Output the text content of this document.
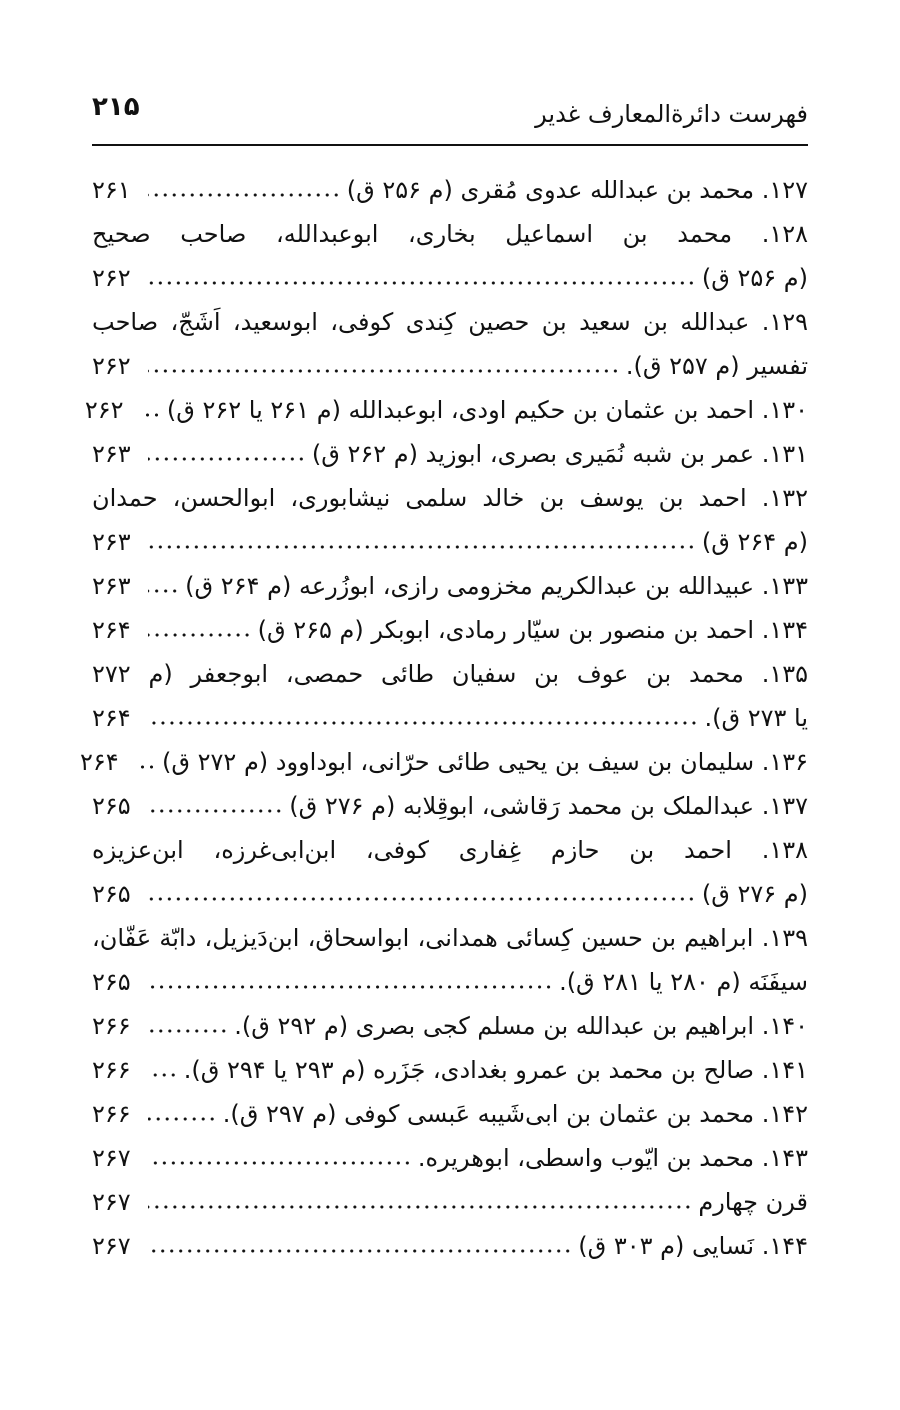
فهرست دائرةالمعارف غدیر
۲۱۵
۱۲۷. محمد بن عبدالله عدوی مُقری (م ۲۵۶ ق)
۲۶۱
۱۲۸. محمد بن اسماعیل بخاری، ابوعبدالله، صاحب صحیح
(م ۲۵۶ ق)
۲۶۲
۱۲۹. عبدالله بن سعید بن حصین کِندی کوفی، ابوسعید، اَشَجّ، صاحب
تفسیر (م ۲۵۷ ق).
۲۶۲
۱۳۰. احمد بن عثمان بن حکیم اودی، ابوعبدالله (م ۲۶۱ یا ۲۶۲ ق)
۲۶۲
۱۳۱. عمر بن شبه نُمَیری بصری، ابوزید (م ۲۶۲ ق)
۲۶۳
۱۳۲. احمد بن یوسف بن خالد سلمی نیشابوری، ابوالحسن، حمدان
(م ۲۶۴ ق)
۲۶۳
۱۳۳. عبیدالله بن عبدالکریم مخزومی رازی، ابوزُرعه (م ۲۶۴ ق)
۲۶۳
۱۳۴. احمد بن منصور بن سیّار رمادی، ابوبکر (م ۲۶۵ ق)
۲۶۴
۱۳۵. محمد بن عوف بن سفیان طائی حمصی، ابوجعفر (م ۲۷۲
یا ۲۷۳ ق).
۲۶۴
۱۳۶. سلیمان بن سیف بن یحیی طائی حرّانی، ابوداوود (م ۲۷۲ ق)
۲۶۴
۱۳۷. عبدالملک بن محمد رَقاشی، ابوقِلابه (م ۲۷۶ ق)
۲۶۵
۱۳۸. احمد بن حازم غِفاری کوفی، ابن‌ابی‌غرزه، ابن‌عزیزه
(م ۲۷۶ ق)
۲۶۵
۱۳۹. ابراهیم بن حسین کِسائی همدانی، ابواسحاق، ابن‌دَیزیل، دابّة عَفّان،
سیفَنَه (م ۲۸۰ یا ۲۸۱ ق).
۲۶۵
۱۴۰. ابراهیم بن عبدالله بن مسلم کجی بصری (م ۲۹۲ ق).
۲۶۶
۱۴۱. صالح بن محمد بن عمرو بغدادی، جَزَره (م ۲۹۳ یا ۲۹۴ ق).
۲۶۶
۱۴۲. محمد بن عثمان بن ابی‌شَیبه عَبسی کوفی (م ۲۹۷ ق).
۲۶۶
۱۴۳. محمد بن ایّوب واسطی، ابوهریره.
۲۶۷
قرن چهارم
۲۶۷
۱۴۴. نَسایی (م ۳۰۳ ق)
۲۶۷
